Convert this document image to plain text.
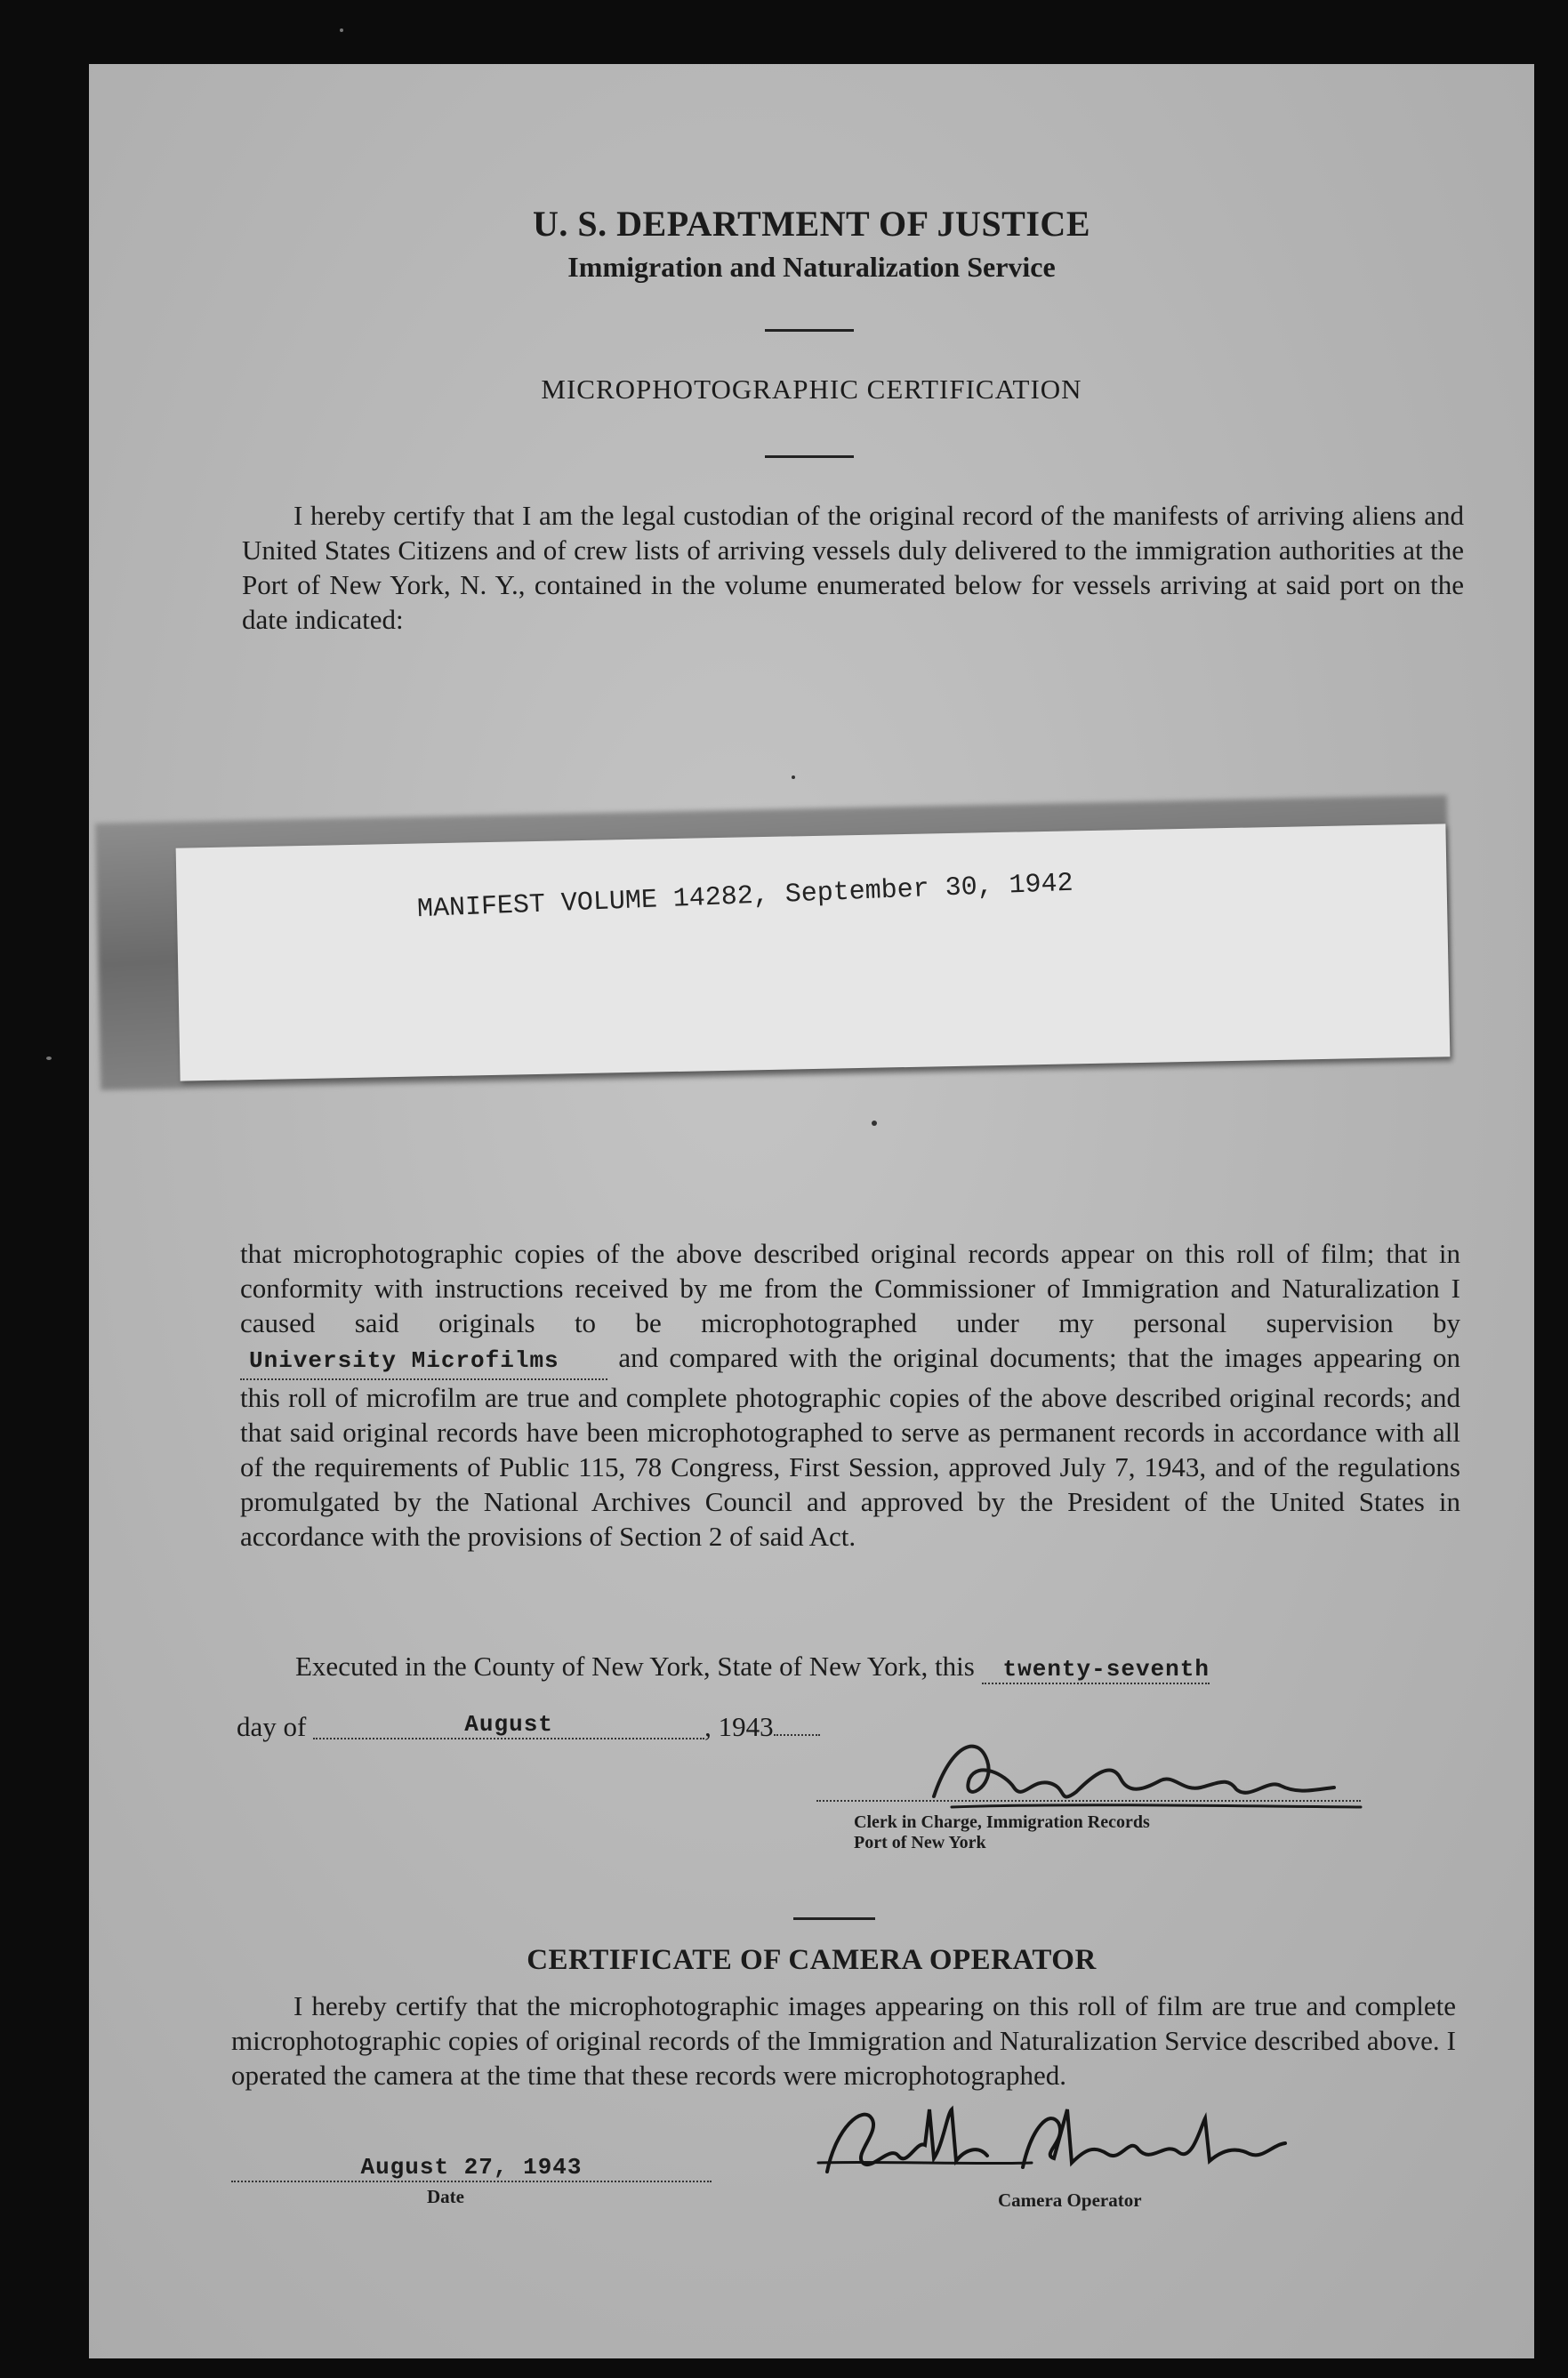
U. S. DEPARTMENT OF JUSTICE
Immigration and Naturalization Service
MICROPHOTOGRAPHIC CERTIFICATION
I hereby certify that I am the legal custodian of the original record of the manifests of arriving aliens and United States Citizens and of crew lists of arriving vessels duly delivered to the immigration authorities at the Port of New York, N. Y., contained in the volume enumerated below for vessels arriving at said port on the date indicated:
MANIFEST VOLUME 14282, September 30, 1942
that microphotographic copies of the above described original records appear on this roll of film; that in conformity with instructions received by me from the Commissioner of Immigration and Naturalization I caused said originals to be microphotographed under my personal supervision by University Microfilms and compared with the original documents; that the images appearing on this roll of microfilm are true and complete photographic copies of the above described original records; and that said original records have been microphotographed to serve as permanent records in accordance with all of the requirements of Public 115, 78 Congress, First Session, approved July 7, 1943, and of the regulations promulgated by the National Archives Council and approved by the President of the United States in accordance with the provisions of Section 2 of said Act.
Executed in the County of New York, State of New York, this twenty-seventh
day of	August	, 1943
Clerk in Charge, Immigration Records
Port of New York
CERTIFICATE OF CAMERA OPERATOR
I hereby certify that the microphotographic images appearing on this roll of film are true and complete microphotographic copies of original records of the Immigration and Naturalization Service described above. I operated the camera at the time that these records were microphotographed.
August 27, 1943
Date	Camera Operator
